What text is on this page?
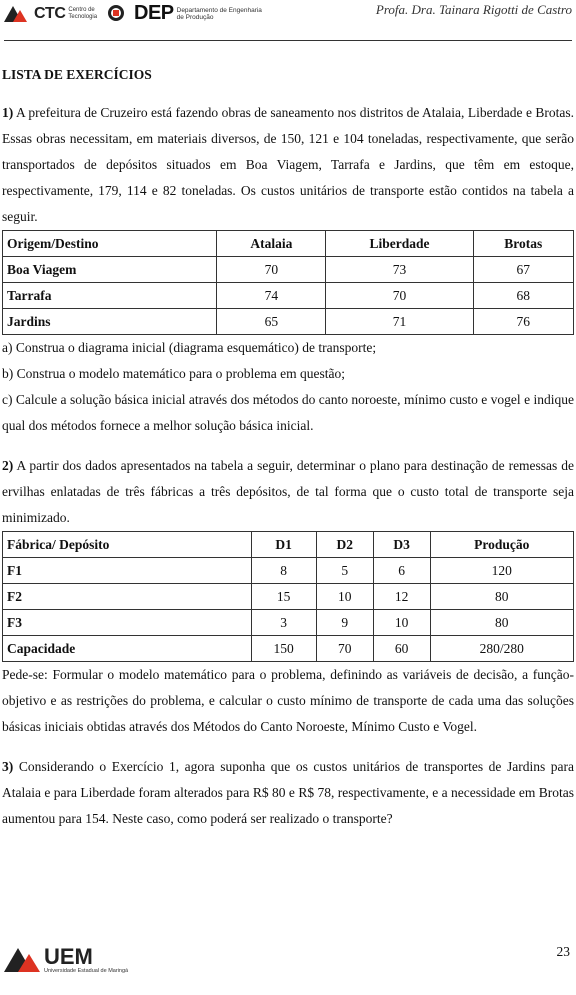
CTC Centro de Tecnologia DEP Departamento de Engenharia de Produção	Profa. Dra. Tainara Rigotti de Castro
LISTA DE EXERCÍCIOS

1) A prefeitura de Cruzeiro está fazendo obras de saneamento nos distritos de Atalaia, Liberdade e Brotas. Essas obras necessitam, em materiais diversos, de 150, 121 e 104 toneladas, respectivamente, que serão transportados de depósitos situados em Boa Viagem, Tarrafa e Jardins, que têm em estoque, respectivamente, 179, 114 e 82 toneladas. Os custos unitários de transporte estão contidos na tabela a seguir.

Origem/Destino	Atalaia	Liberdade	Brotas
Boa Viagem	70	73	67
Tarrafa	74	70	68
Jardins	65	71	76

a) Construa o diagrama inicial (diagrama esquemático) de transporte;

b) Construa o modelo matemático para o problema em questão;

c) Calcule a solução básica inicial através dos métodos do canto noroeste, mínimo custo e vogel e indique qual dos métodos fornece a melhor solução básica inicial.

2) A partir dos dados apresentados na tabela a seguir, determinar o plano para destinação de remessas de ervilhas enlatadas de três fábricas a três depósitos, de tal forma que o custo total de transporte seja minimizado.

Fábrica/ Depósito	D1	D2	D3	Produção
F1	8	5	6	120
F2	15	10	12	80
F3	3	9	10	80
Capacidade	150	70	60	280/280

Pede-se: Formular o modelo matemático para o problema, definindo as variáveis de decisão, a função-objetivo e as restrições do problema, e calcular o custo mínimo de transporte de cada uma das soluções básicas iniciais obtidas através dos Métodos do Canto Noroeste, Mínimo Custo e Vogel.

3) Considerando o Exercício 1, agora suponha que os custos unitários de transportes de Jardins para Atalaia e para Liberdade foram alterados para R$ 80 e R$ 78, respectivamente, e a necessidade em Brotas aumentou para 154. Neste caso, como poderá ser realizado o transporte?

UEM
Universidade Estadual de Maringá
23
